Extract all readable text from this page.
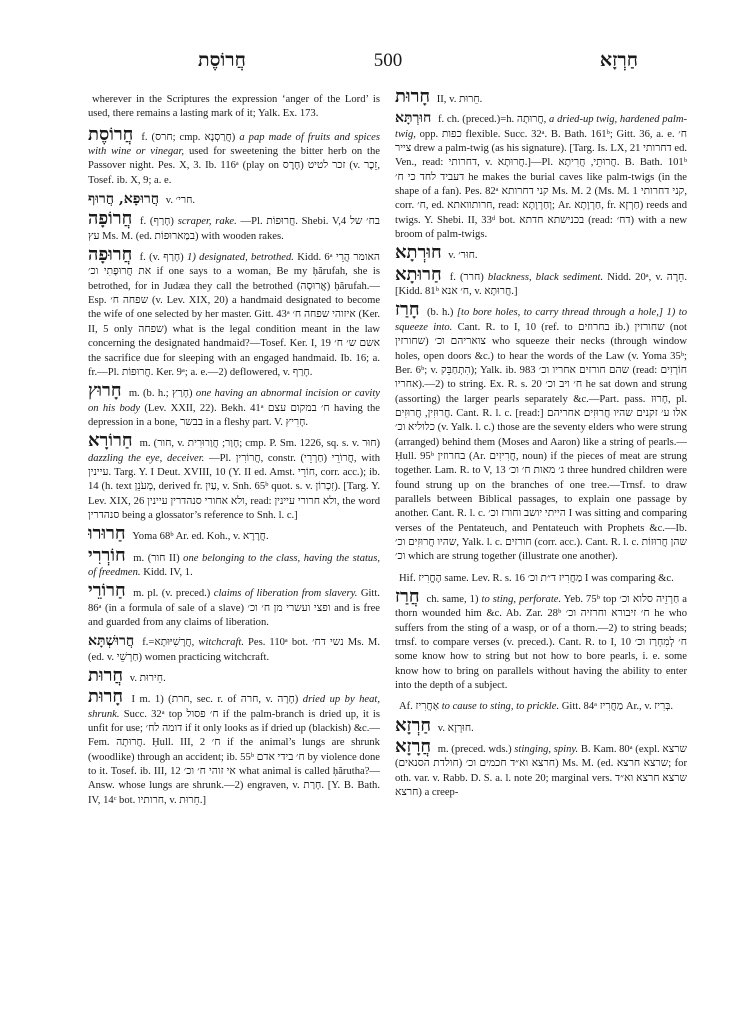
חֲרוֹסֶת	500	חַרְזָא

wherever in the Scriptures the expression ‘anger of the Lord’ is used, there remains a lasting mark of it; Yalk. Ex. 173.

חֲרוֹסֶת f. (חרס; cmp. חֲרַסְנָא) a pap made of fruits and spices with wine or vinegar, used for sweetening the bitter herb on the Passover night. Pes. X, 3. Ib. 116ᵃ (play on חֶרֶס) זכר לטיט (v. זֵכֶר, Tosef. ib. X, 9; a. e.

חֲרוּפָא, חֲרוּף v. חרי׳.

חֲרוֹפָה f. (חָרַף) scraper, rake. —Pl. חֲרוּפוֹת. Shebi. V,4 בח׳ של עץ Ms. M. (ed. במַארוּפוֹת) with wooden rakes.

חֲרוּפָה f. (v. חָרַף) 1) designated, betrothed. Kidd. 6ᵃ האומר הֲרֵי את חֲרוּפָתִי וכ׳ if one says to a woman, Be my ḥărufah, she is betrothed, for in Judæa they call the betrothed (אֲרוּסָה) ḥărufah.—Esp. שפחה ח׳ (v. Lev. XIX, 20) a handmaid designated to become the wife of one selected by her master. Gitt. 43ᵃ איזוהי שפחה ח׳ (Ker. II, 5 only שפחה) what is the legal condition meant in the law concerning the designated handmaid?—Tosef. Ker. I, 19 אשם ש׳ ח׳ the sacrifice due for sleeping with an engaged handmaid. Ib. 16; a. fr.—Pl. חֲרוּפוֹת. Ker. 9ᵃ; a. e.—2) deflowered, v. חָרַף.

חָרוּץ m. (b. h.; חָרַץ) one having an abnormal incision or cavity on his body (Lev. XXII, 22). Bekh. 41ᵃ ח׳ במקום עצם having the depression in a bone, בבשר in a fleshy part. V. חָרִיץ.

חַרוֹרָא m. (חור, v. חָוַר; חֲוַרוּרִית; cmp. P. Sm. 1226, sq. s. v. חוּר) dazzling the eye, deceiver. —Pl. חֲרוֹרִין, constr. חֲרוֹרֵי (חַרְרֵי), with עיינין. Targ. Y. I Deut. XVIII, 10 (Y. II ed. Amst. חוֹרֵי, corr. acc.); ib. 14 (h. text מְעֹנֵן, derived fr. עַיִן, v. Snh. 65ᵇ quot. s. v. זִכְרוֹן). [Targ. Y. Lev. XIX, 26 ולא אחורי סנהדרין עיינין, read: ולא חרורי עיינין, the word סנהדרין being a glossator’s reference to Snh. l. c.]

חַרוּרוּ Yoma 68ᵇ Ar. ed. Koh., v. חֲרָרָא.

חוֹרְרִי m. (חור II) one belonging to the class, having the status, of freedmen. Kidd. IV, 1.

חַרוֹרֵי m. pl. (v. preced.) claims of liberation from slavery. Gitt. 86ᵃ (in a formula of sale of a slave) ופצי ועשרי מן ח׳ וכ׳ and is free and guarded from any claims of liberation.

חֲרוּשְׁתָּא f.=חֲרָשִׁיּוּתָא, witchcraft. Pes. 110ᵃ bot. נשי דח׳ Ms. M. (ed. v. חַרְשֵׁי) women practicing witchcraft.

חֲרוּת v. חֵירוּת.

חָרוּת I m. 1) (חרת, sec. r. of חרה, v. חָרָה) dried up by heat, shrunk. Succ. 32ᵃ top ח׳ פסול if the palm-branch is dried up, it is unfit for use; דומה לח׳ if it only looks as if dried up (blackish) &c.—Fem. חֲרוּתָה. Ḥull. III, 2 ח׳ if the animal’s lungs are shrunk (woodlike) through an accident; ib. 55ᵇ ח׳ בידי אדם by violence done to it. Tosef. ib. III, 12 אי זוהי ח׳ וכ׳ what animal is called ḥărutha?—Answ. whose lungs are shrunk.—2) engraven, v. חָרַת. [Y. B. Bath. IV, 14ᶜ bot. חרותיו, v. חֵרוּת.]

חָרוּת II, v. חֵרוּת.

חוּרְתָּא f. ch. (preced.)=h. חֲרוּתָה, a dried-up twig, hardened palm-twig, opp. כפות flexible. Succ. 32ᵃ. B. Bath. 161ᵇ; Gitt. 36, a. e. ח׳ צייר drew a palm-twig (as his signature). [Targ. Is. LX, 21 דחרותי ed. Ven., read: דחרותי, v. חֲרוּתָא.]—Pl. חֲרוּתֵי, חֲרִיתָא. B. Bath. 101ᵇ דעביד לחד כי ח׳ he makes the burial caves like palm-twigs (in the shape of a fan). Pes. 82ᵃ קני דחרותא Ms. M. 2 (Ms. M. 1 קני דחרותי, corr. ח׳, ed. חרותוואתא, read: וְחַרְוָתָא; Ar. חַרְוָתָא, fr. חַרְזָא) reeds and twigs. Y. Shebi. II, 33ᵈ bot. בכנישתא חדתא (read: דח׳) with a new broom of palm-twigs.

חוּרְתָא v. חוּר׳.

חַרוּתָא f. (חרר) blackness, black sediment. Nidd. 20ᵃ, v. חֵרָה. [Kidd. 81ᵇ ח׳ אנא, v. חֲרוּתָא.]

חָרַז (b. h.) [to bore holes, to carry thread through a hole,] 1) to squeeze into. Cant. R. to I, 10 (ref. to בחרוזים ib.) שחורזין (not שחורזין) צואריהם וכ׳ who squeeze their necks (through window holes, open doors &c.) to hear the words of the Law (v. Yoma 35ᵇ; Ber. 6ᵇ; v. הִתְחַבֵּק); Yalk. ib. 983 שהם חורזים אחריו וכ׳ (read: חוֹרְזִים אחריו).—2) to string. Ex. R. s. 20 ח׳ ויב וכ׳ he sat down and strung (assorting) the larger pearls separately &c.—Part. pass. חָרוּז, pl. חֲרוּזִין, חֲרוּזִים. Cant. R. l. c. [read:] אלו ע׳ זקנים שהיו חֲרוּזִים אחריהם כלוליא וכ׳ (v. Yalk. l. c.) those are the seventy elders who were strung (arranged) behind them (Moses and Aaron) like a string of pearls.—Ḥull. 95ᵇ בחרוזין (Ar. חֲרִיזִים, noun) if the pieces of meat are strung together. Lam. R. to V, 13 ג׳ מאות ח׳ וכ׳ three hundred children were found strung up on the branches of one tree.—Trnsf. to draw parallels between Biblical passages, to explain one passage by another. Cant. R. l. c. הייתי יושב וחורז וכ׳ I was sitting and comparing verses of the Pentateuch, and Pentateuch with Prophets &c.—Ib. שהיו חֲרוּזִים וכ׳, Yalk. l. c. חורזים (corr. acc.). Cant. R. l. c. שהן חֲרוּזוֹת וכ׳ which are strung together (illustrate one another).

Hif. הֶחֱרִיז same. Lev. R. s. 16 מַחֲרִיז ד״ת וכ׳ I was comparing &c.

חֲרַז ch. same, 1) to sting, perforate. Yeb. 75ᵇ top חַרְזֵיה סלוא וכ׳ a thorn wounded him &c. Ab. Zar. 28ᵇ ח׳ זיבורא וחרזיה וכ׳ he who suffers from the sting of a wasp, or of a thorn.—2) to string beads; trnsf. to compare verses (v. preced.). Cant. R. to I, 10 ח׳ לְמִחְרַז וכ׳ some know how to string but not how to bore pearls, i. e. some know how to bring on parallels without having the ability to enter into the depth of a subject.

Af. אַחֲרִיז to cause to sting, to prickle. Gitt. 84ᵃ מַחֲרִיז Ar., v. בְּרִיז.

חַרְזָא v. חוּרְזָא.

חֲרָזָא m. (preced. wds.) stinging, spiny. B. Kam. 80ᵃ (expl. שרצא חרצא וא״ד חכמים וכ׳ (חולדת הסנאים)) Ms. M. (ed. שרצא חרצא; for oth. var. v. Rabb. D. S. a. l. note 20; marginal vers. שרצא חרצא וא״ד חרצא) a creep-
